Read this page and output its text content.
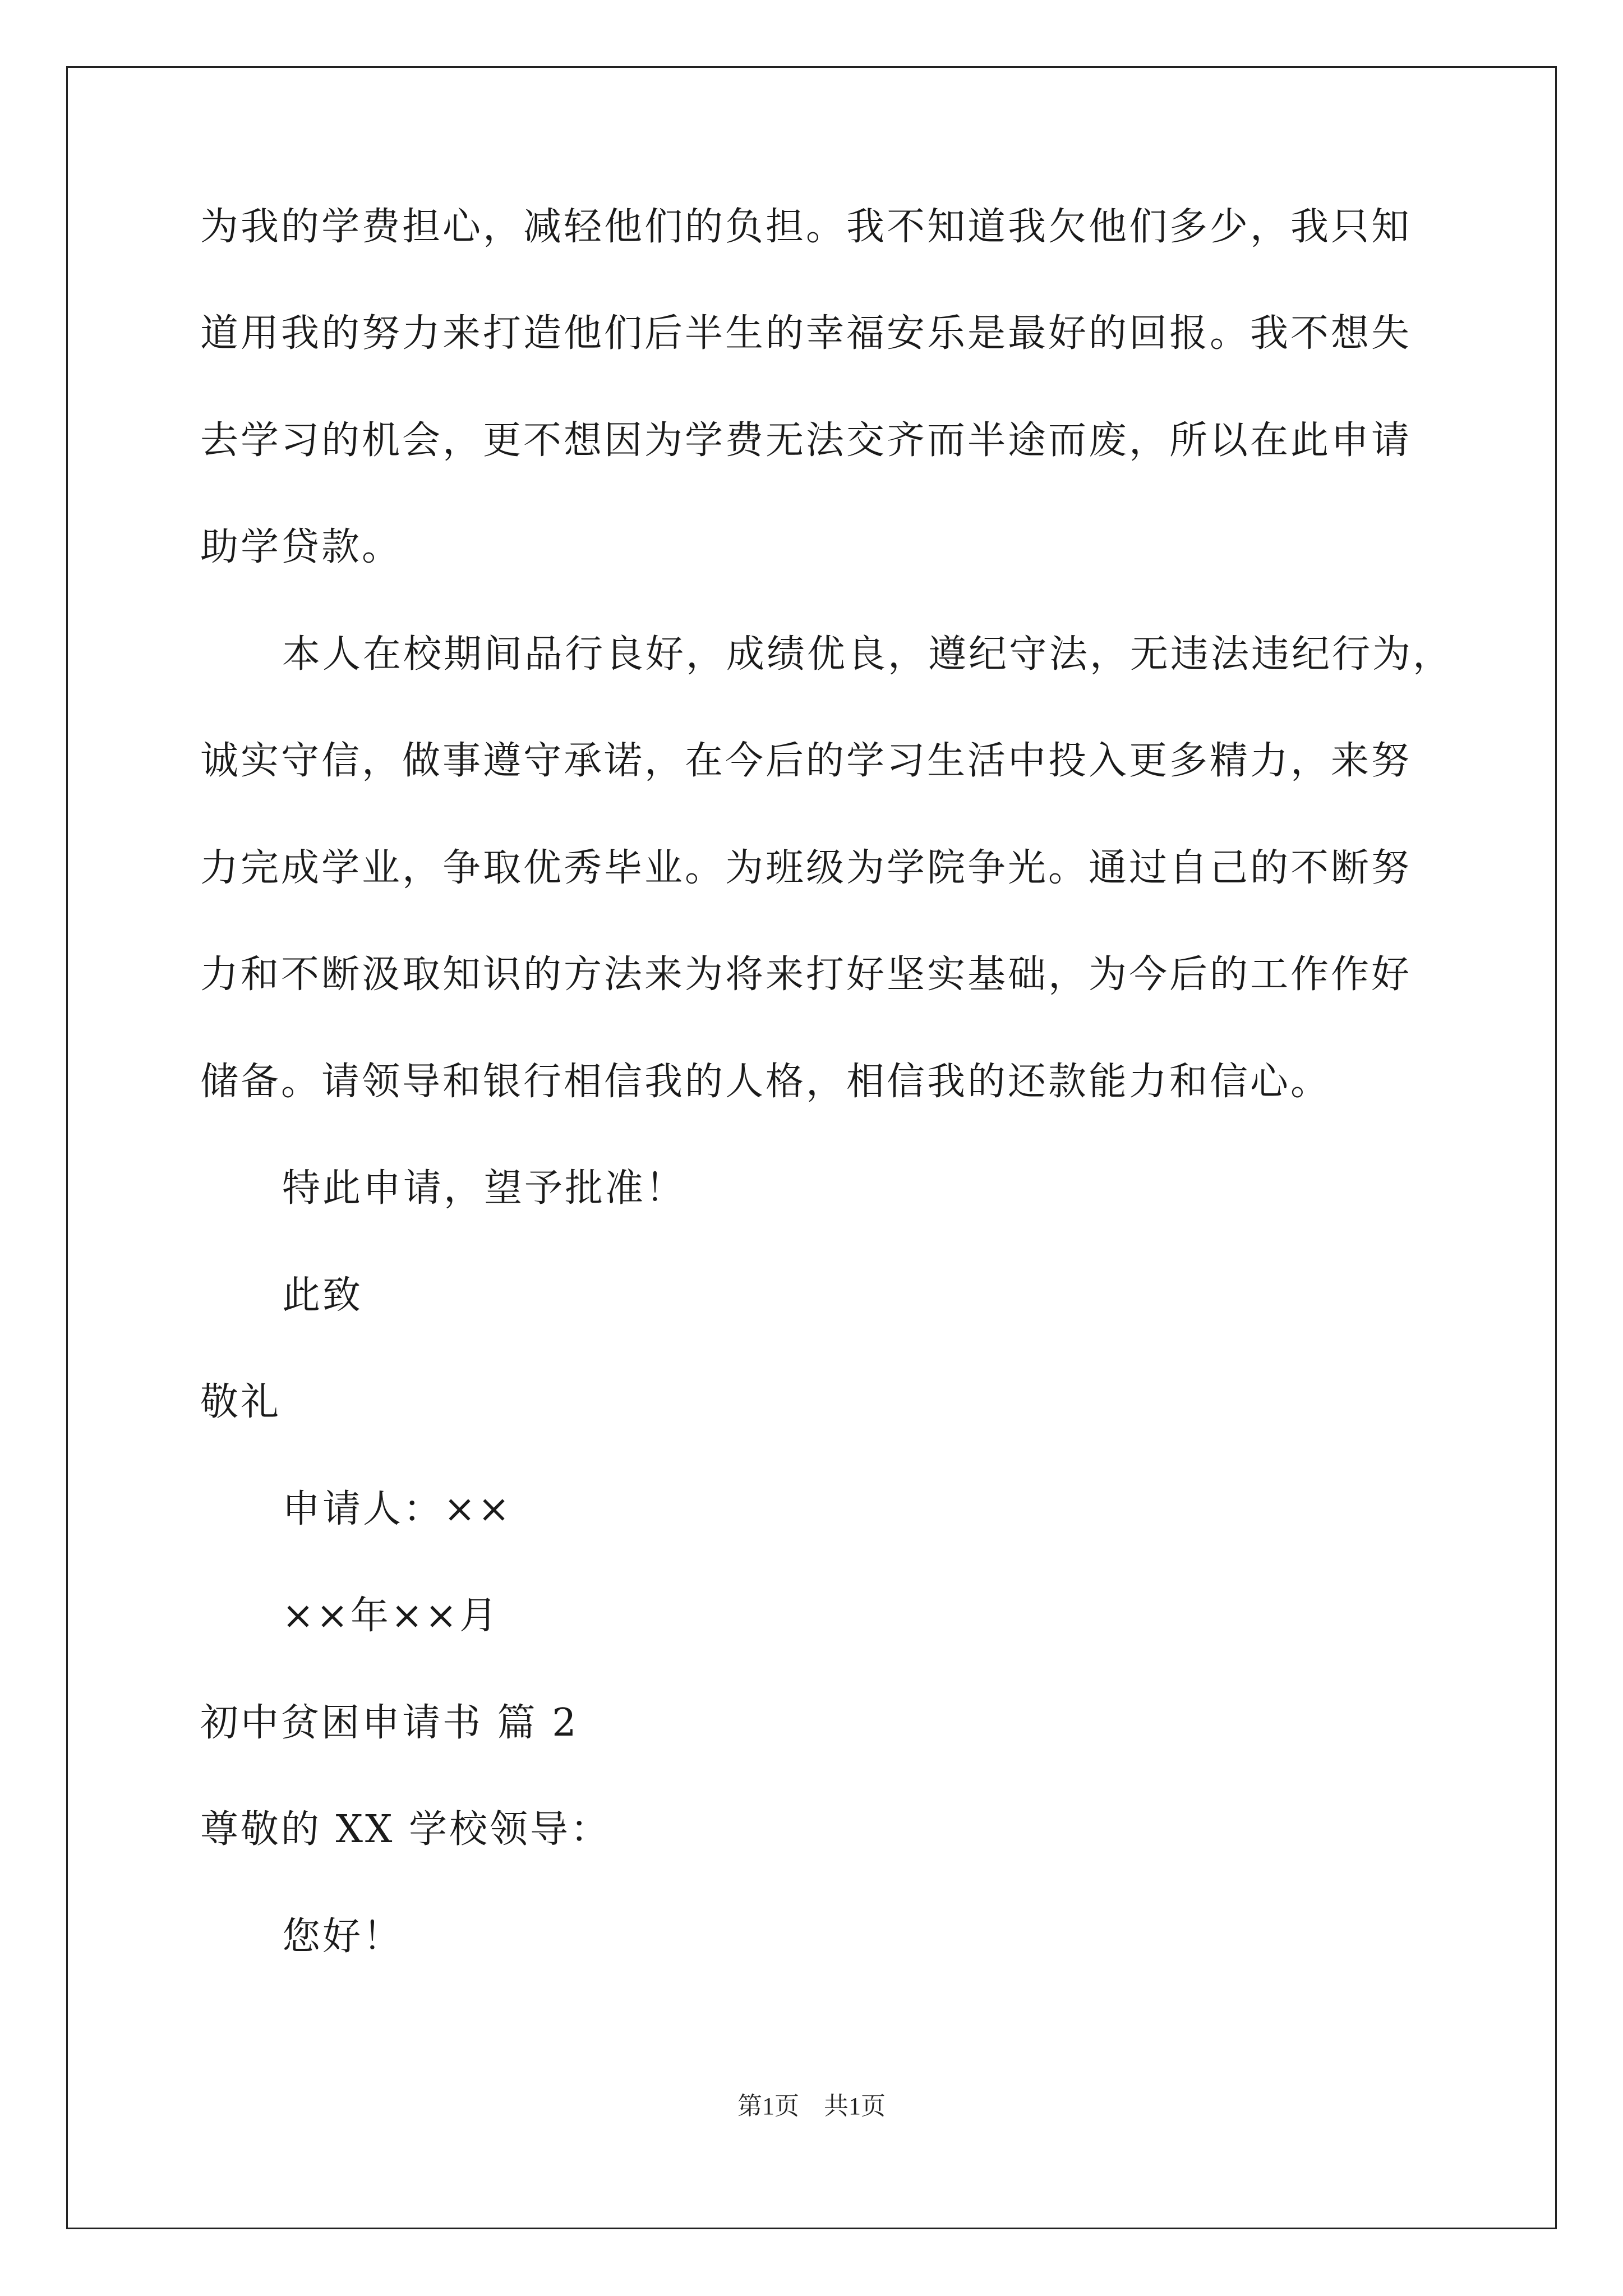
为我的学费担心，减轻他们的负担。我不知道我欠他们多少，我只知
道用我的努力来打造他们后半生的幸福安乐是最好的回报。我不想失
去学习的机会，更不想因为学费无法交齐而半途而废，所以在此申请
助学贷款。
本人在校期间品行良好，成绩优良，遵纪守法，无违法违纪行为，
诚实守信，做事遵守承诺，在今后的学习生活中投入更多精力，来努
力完成学业，争取优秀毕业。为班级为学院争光。通过自己的不断努
力和不断汲取知识的方法来为将来打好坚实基础，为今后的工作作好
储备。请领导和银行相信我的人格，相信我的还款能力和信心。
特此申请，望予批准！
此致
敬礼
申请人：××
××年××月
初中贫困申请书 篇 2
尊敬的 XX 学校领导：
您好！
第1页　共1页
